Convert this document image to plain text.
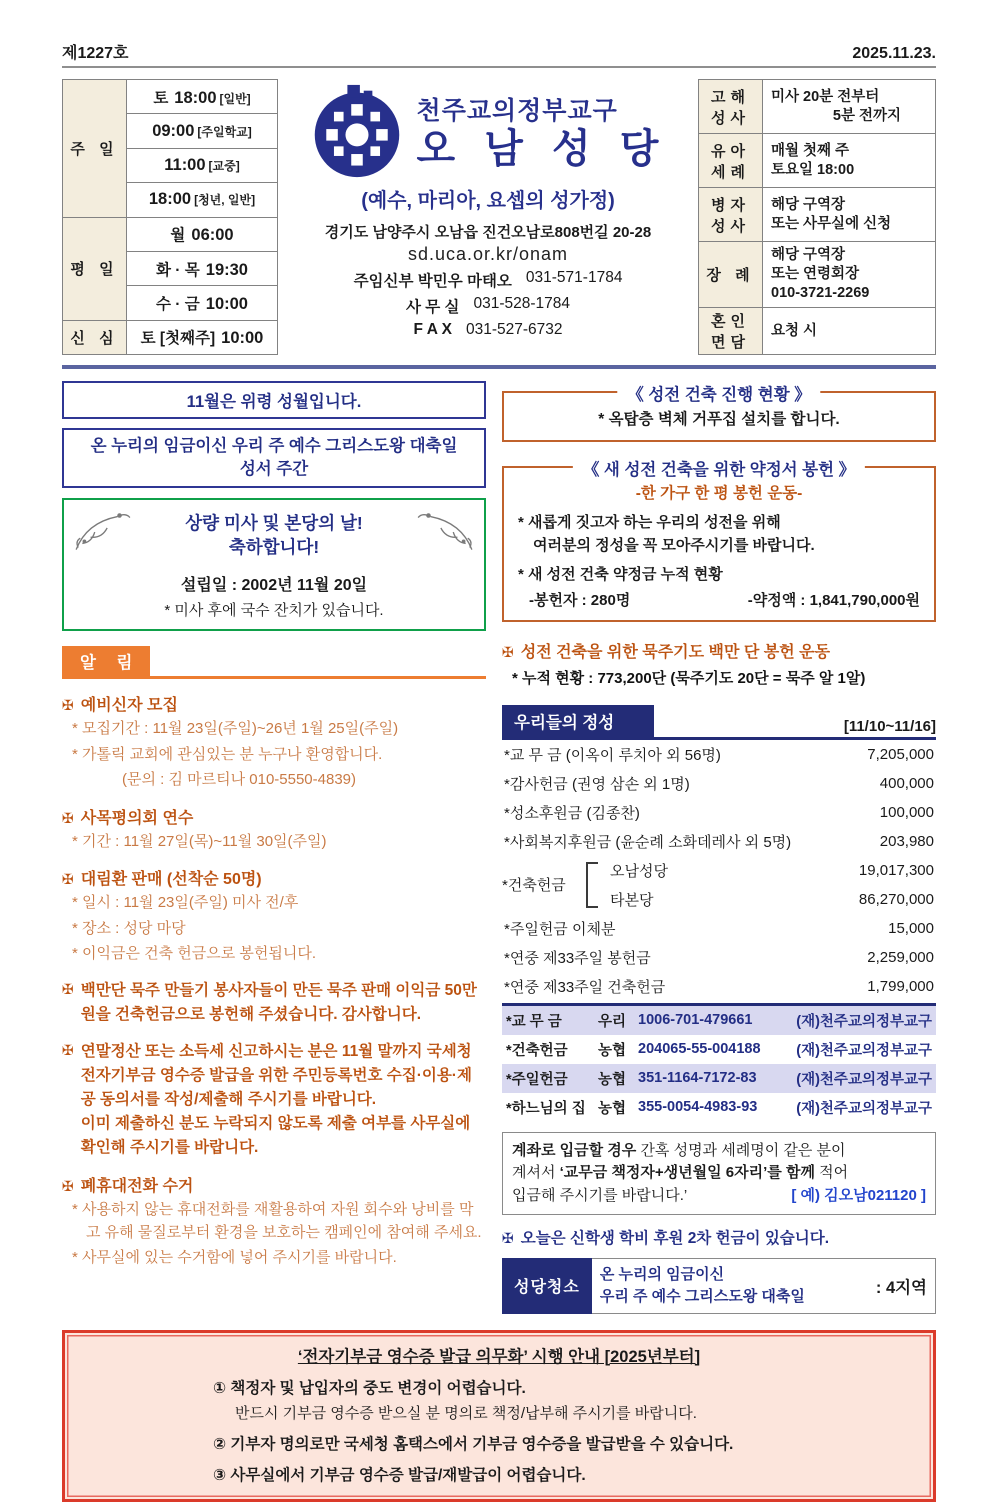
제1227호	2025.11.23.
주 일	토 18:00 [일반]
	09:00 [주일학교]
	11:00 [교중]
	18:00 [청년, 일반]
평 일	월 06:00
	화 · 목 19:30
	수 · 금 10:00
신 심	토 [첫째주] 10:00
천주교의정부교구
오 남 성 당
(예수, 마리아, 요셉의 성가정)
경기도 남양주시 오남읍 진건오남로808번길 20-28
sd.uca.or.kr/onam
주임신부 박민우 마태오 031-571-1784
사 무 실 031-528-1784
F A X 031-527-6732
고해성사	미사 20분 전부터
5분 전까지

유아세례	매월 첫째 주
토요일 18:00

병자성사	해당 구역장
또는 사무실에 신청

장 례	해당 구역장
또는 연령회장
010-3721-2269

혼인면담	요청 시
11월은 위령 성월입니다.
온 누리의 임금이신 우리 주 예수 그리스도왕 대축일
성서 주간
상량 미사 및 본당의 날!
축하합니다!
설립일 : 2002년 11월 20일
* 미사 후에 국수 잔치가 있습니다.
알 림
✠ 예비신자 모집
* 모집기간 : 11월 23일(주일)~26년 1월 25일(주일)
* 가톨릭 교회에 관심있는 분 누구나 환영합니다.
(문의 : 김 마르티나 010-5550-4839)
✠ 사목평의회 연수
* 기간 : 11월 27일(목)~11월 30일(주일)
✠ 대림환 판매 (선착순 50명)
* 일시 : 11월 23일(주일) 미사 전/후
* 장소 : 성당 마당
* 이익금은 건축 헌금으로 봉헌됩니다.
✠ 백만단 묵주 만들기 봉사자들이 만든 묵주 판매 이익금 50만원을 건축헌금으로 봉헌해 주셨습니다. 감사합니다.
✠ 연말정산 또는 소득세 신고하시는 분은 11월 말까지 국세청 전자기부금 영수증 발급을 위한 주민등록번호 수집·이용·제공 동의서를 작성/제출해 주시기를 바랍니다.
이미 제출하신 분도 누락되지 않도록 제출 여부를 사무실에 확인해 주시기를 바랍니다.
✠ 폐휴대전화 수거
* 사용하지 않는 휴대전화를 재활용하여 자원 회수와 낭비를 막고 유해 물질로부터 환경을 보호하는 캠페인에 참여해 주세요.
* 사무실에 있는 수거함에 넣어 주시기를 바랍니다.
《 성전 건축 진행 현황 》
* 옥탑층 벽체 거푸집 설치를 합니다.
《 새 성전 건축을 위한 약정서 봉헌 》
-한 가구 한 평 봉헌 운동-
* 새롭게 짓고자 하는 우리의 성전을 위해
여러분의 정성을 꼭 모아주시기를 바랍니다.
* 새 성전 건축 약정금 누적 현황
-봉헌자 : 280명	-약정액 : 1,841,790,000원
✠ 성전 건축을 위한 묵주기도 백만 단 봉헌 운동
* 누적 현황 : 773,200단 (묵주기도 20단 = 묵주 알 1알)
우리들의 정성	[11/10~11/16]
*교 무 금 (이옥이 루치아 외 56명)	7,205,000
*감사헌금 (권영 삼손 외 1명)	400,000
*성소후원금 (김종찬)	100,000
*사회복지후원금 (윤순례 소화데레사 외 5명)	203,980
*건축헌금
오남성당	19,017,300
타본당	86,270,000
*주일헌금 이체분	15,000
*연중 제33주일 봉헌금	2,259,000
*연중 제33주일 건축헌금	1,799,000
*교 무 금	우리 1006-701-479661	(재)천주교의정부교구
*건축헌금	농협 204065-55-004188 (재)천주교의정부교구
*주일헌금	농협 351-1164-7172-83	(재)천주교의정부교구
*하느님의 집 농협 355-0054-4983-93	(재)천주교의정부교구
계좌로 입금할 경우 간혹 성명과 세례명이 같은 분이
계셔서 ‘교무금 책정자+생년월일 6자리’를 함께 적어
입금해 주시기를 바랍니다.’	[ 예) 김오남021120 ]
✠ 오늘은 신학생 학비 후원 2차 헌금이 있습니다.
성당청소
온 누리의 임금이신
우리 주 예수 그리스도왕 대축일	: 4지역
‘전자기부금 영수증 발급 의무화’ 시행 안내 [2025년부터]
① 책정자 및 납입자의 중도 변경이 어렵습니다.
반드시 기부금 영수증 받으실 분 명의로 책정/납부해 주시기를 바랍니다.
② 기부자 명의로만 국세청 홈택스에서 기부금 영수증을 발급받을 수 있습니다.
③ 사무실에서 기부금 영수증 발급/재발급이 어렵습니다.
